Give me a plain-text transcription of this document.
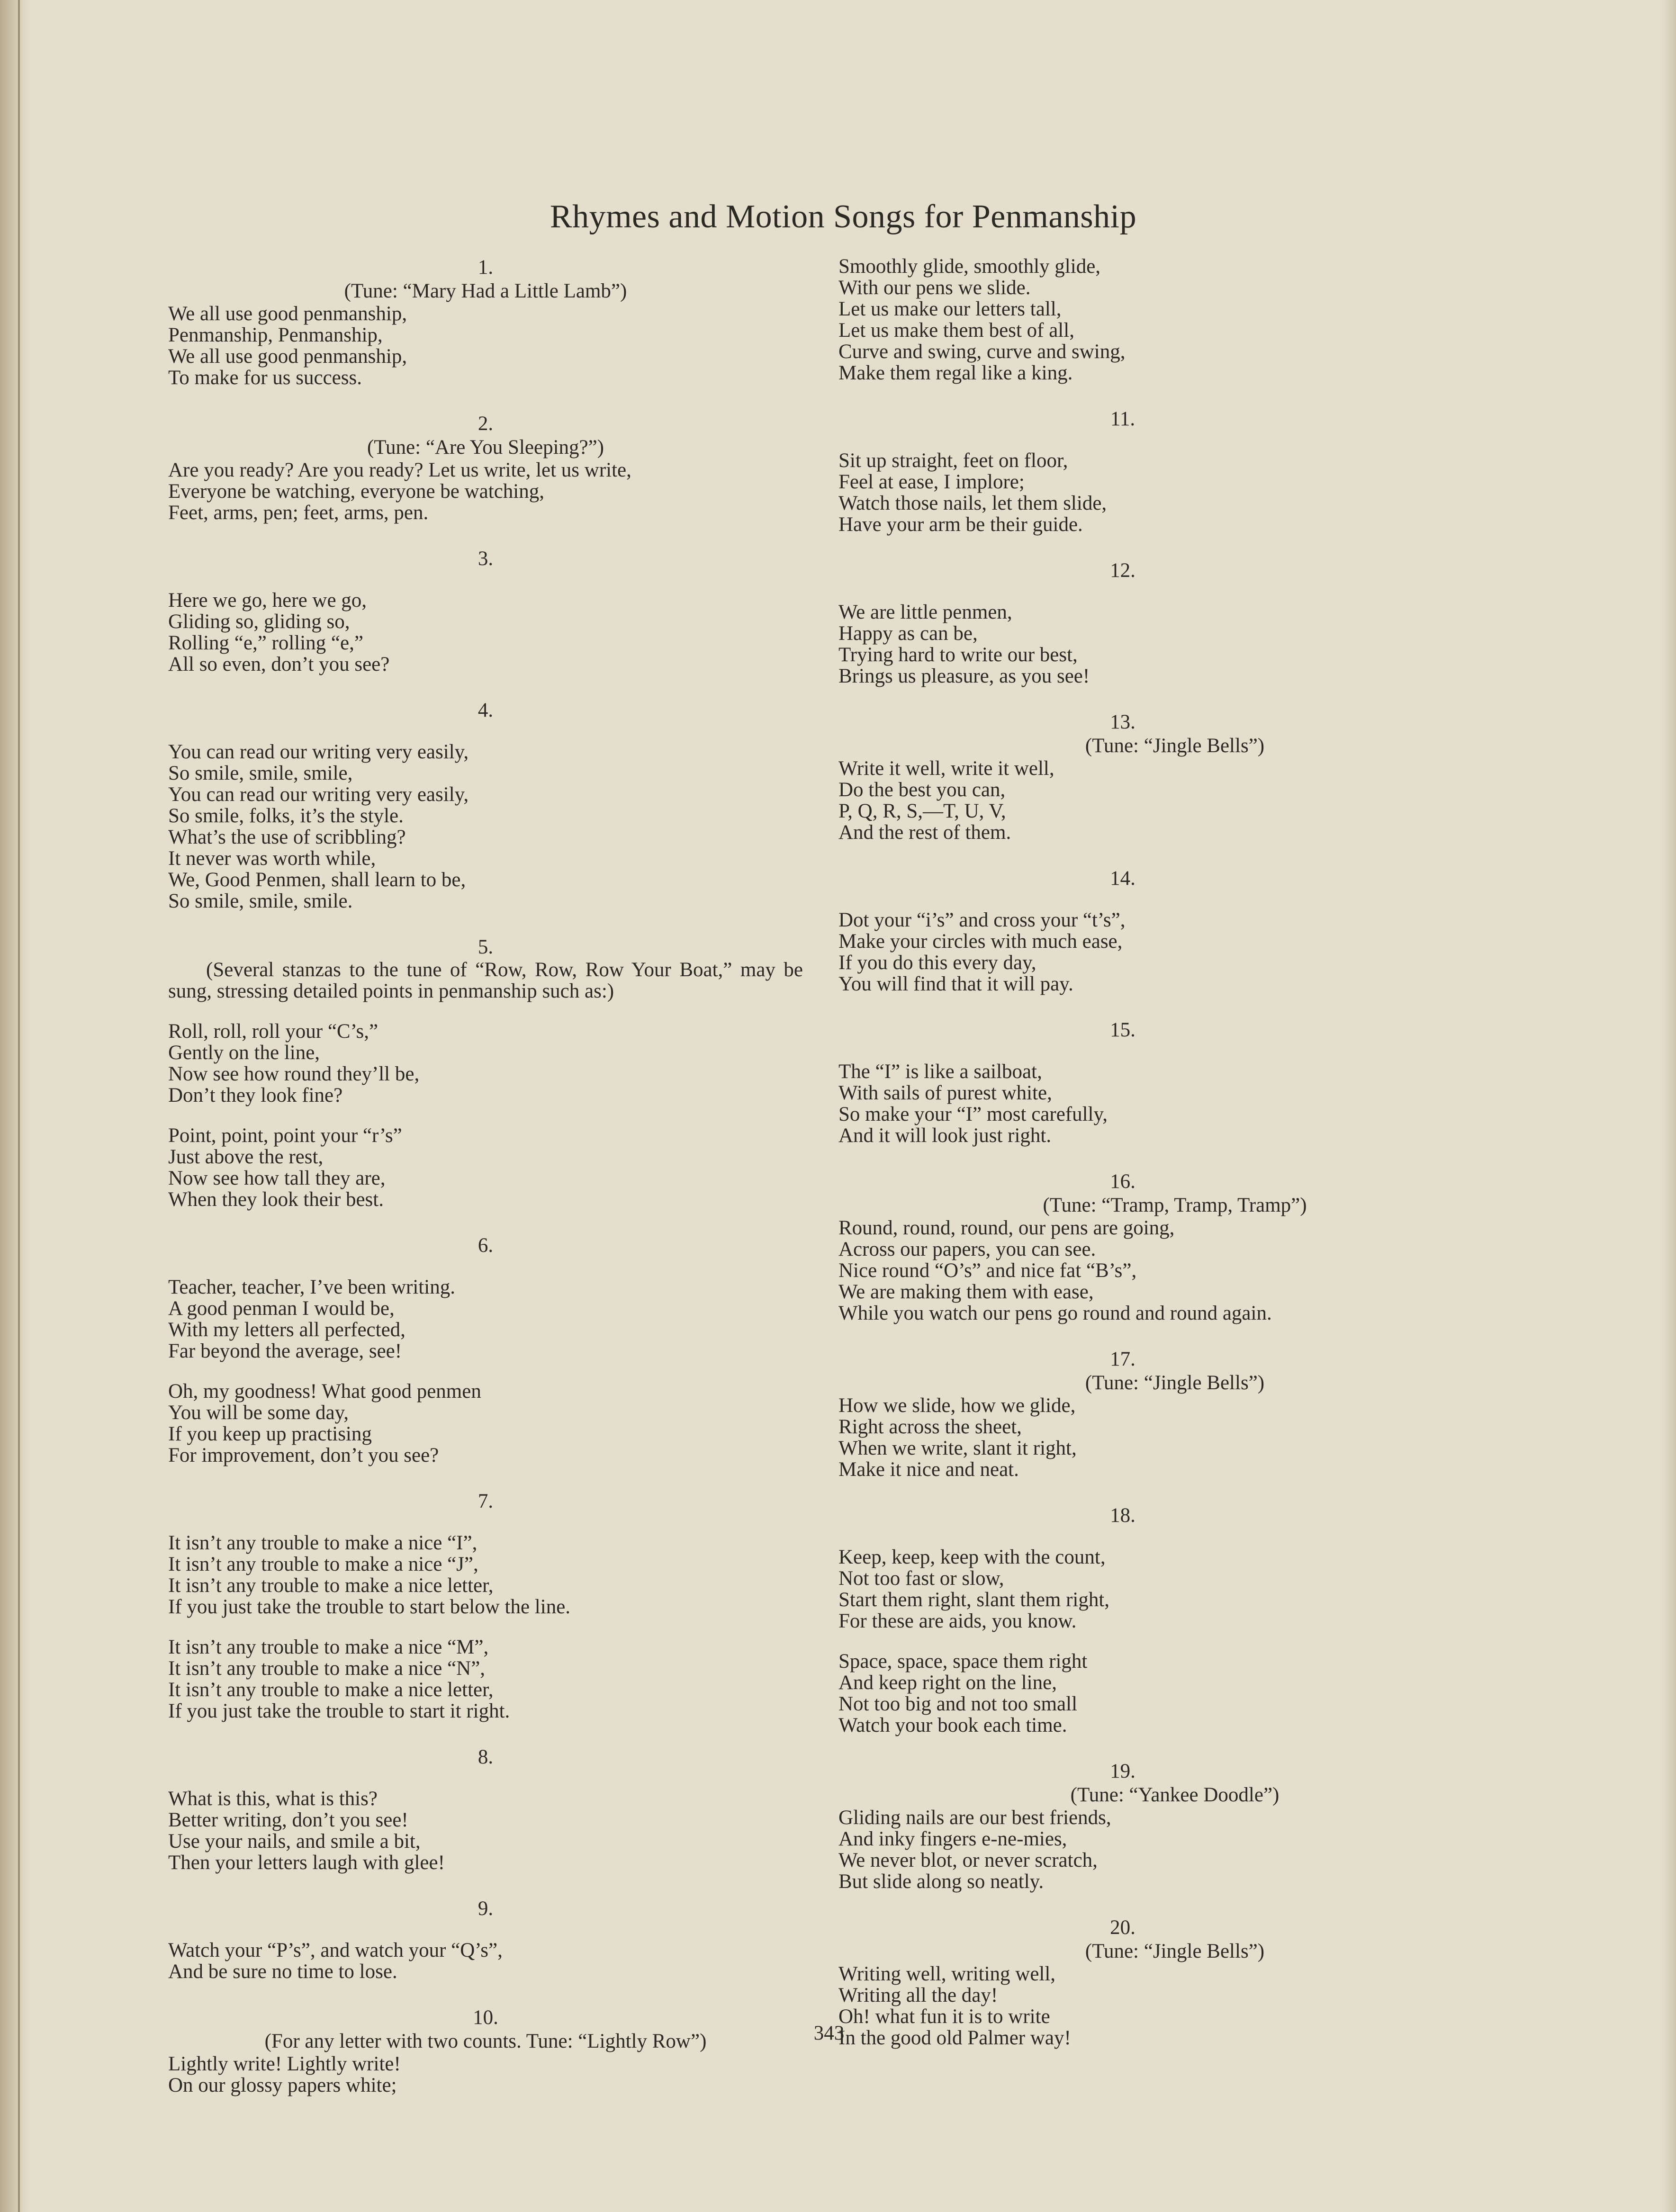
Rhymes and Motion Songs for Penmanship
1.
(Tune: “Mary Had a Little Lamb”)
We all use good penmanship,
Penmanship, Penmanship,
We all use good penmanship,
To make for us success.
2.
(Tune: “Are You Sleeping?”)
Are you ready? Are you ready? Let us write, let us write,
Everyone be watching, everyone be watching,
Feet, arms, pen; feet, arms, pen.
3.
Here we go, here we go,
Gliding so, gliding so,
Rolling “e,” rolling “e,”
All so even, don’t you see?
4.
You can read our writing very easily,
So smile, smile, smile,
You can read our writing very easily,
So smile, folks, it’s the style.
What’s the use of scribbling?
It never was worth while,
We, Good Penmen, shall learn to be,
So smile, smile, smile.
5.
(Several stanzas to the tune of “Row, Row, Row Your Boat,” may be sung, stressing detailed points in penmanship such as:)
Roll, roll, roll your “C’s,”
Gently on the line,
Now see how round they’ll be,
Don’t they look fine?
Point, point, point your “r’s”
Just above the rest,
Now see how tall they are,
When they look their best.
6.
Teacher, teacher, I’ve been writing.
A good penman I would be,
With my letters all perfected,
Far beyond the average, see!
Oh, my goodness! What good penmen
You will be some day,
If you keep up practising
For improvement, don’t you see?
7.
It isn’t any trouble to make a nice “I”,
It isn’t any trouble to make a nice “J”,
It isn’t any trouble to make a nice letter,
If you just take the trouble to start below the line.
It isn’t any trouble to make a nice “M”,
It isn’t any trouble to make a nice “N”,
It isn’t any trouble to make a nice letter,
If you just take the trouble to start it right.
8.
What is this, what is this?
Better writing, don’t you see!
Use your nails, and smile a bit,
Then your letters laugh with glee!
9.
Watch your “P’s”, and watch your “Q’s”,
And be sure no time to lose.
10.
(For any letter with two counts. Tune: “Lightly Row”)
Lightly write! Lightly write!
On our glossy papers white;
Smoothly glide, smoothly glide,
With our pens we slide.
Let us make our letters tall,
Let us make them best of all,
Curve and swing, curve and swing,
Make them regal like a king.
11.
Sit up straight, feet on floor,
Feel at ease, I implore;
Watch those nails, let them slide,
Have your arm be their guide.
12.
We are little penmen,
Happy as can be,
Trying hard to write our best,
Brings us pleasure, as you see!
13.
(Tune: “Jingle Bells”)
Write it well, write it well,
Do the best you can,
P, Q, R, S,—T, U, V,
And the rest of them.
14.
Dot your “i’s” and cross your “t’s”,
Make your circles with much ease,
If you do this every day,
You will find that it will pay.
15.
The “I” is like a sailboat,
With sails of purest white,
So make your “I” most carefully,
And it will look just right.
16.
(Tune: “Tramp, Tramp, Tramp”)
Round, round, round, our pens are going,
Across our papers, you can see.
Nice round “O’s” and nice fat “B’s”,
We are making them with ease,
While you watch our pens go round and round again.
17.
(Tune: “Jingle Bells”)
How we slide, how we glide,
Right across the sheet,
When we write, slant it right,
Make it nice and neat.
18.
Keep, keep, keep with the count,
Not too fast or slow,
Start them right, slant them right,
For these are aids, you know.
Space, space, space them right
And keep right on the line,
Not too big and not too small
Watch your book each time.
19.
(Tune: “Yankee Doodle”)
Gliding nails are our best friends,
And inky fingers e-ne-mies,
We never blot, or never scratch,
But slide along so neatly.
20.
(Tune: “Jingle Bells”)
Writing well, writing well,
Writing all the day!
Oh! what fun it is to write
In the good old Palmer way!
343
